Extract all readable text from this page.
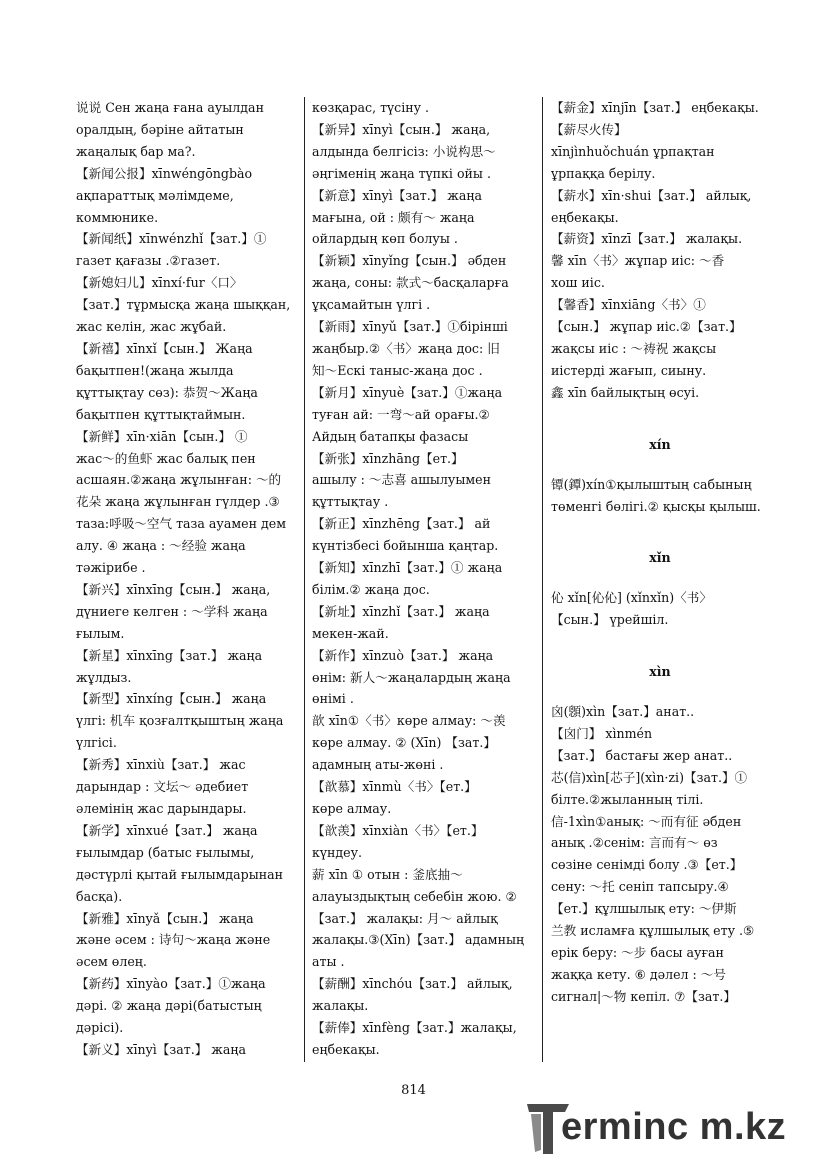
说说 Сен жаңа ғана ауылдан
оралдың, бәріне айтатын
жаңалық бар ма?.
【新闻公报】xīnwéngōngbào
ақпараттық мәлімдеме,
коммюнике.
【新闻纸】xīnwénzhǐ【зат.】①
газет қағазы .②газет.
【新媳妇儿】xīnxí·fur〈口〉
【зат.】тұрмысқа жаңа шыққан,
жас келін, жас жұбай.
【新禧】xīnxǐ【сын.】 Жаңа
бақытпен!(жаңа жылда
құттықтау сөз): 恭贺～Жаңа
бақытпен құттықтаймын.
【新鲜】xīn·xiān【сын.】 ①
жас～的鱼虾 жас балық пен
асшаян.②жаңа жұлынған: ～的
花朵 жаңа жұлынған гүлдер .③
таза:呼吸～空气 таза ауамен дем
алу. ④ жаңа : ～经验 жаңа
тәжірибе .
【新兴】xīnxīng【сын.】 жаңа,
дүниеге келген : ～学科 жаңа
ғылым.
【新星】xīnxīng【зат.】 жаңа
жұлдыз.
【新型】xīnxíng【сын.】 жаңа
үлгі: 机车 қозғалтқыштың жаңа
үлгісі.
【新秀】xīnxiù【зат.】 жас
дарындар : 文坛～ әдебиет
әлемінің жас дарындары.
【新学】xīnxué【зат.】 жаңа
ғылымдар (батыс ғылымы,
дәстүрлі қытай ғылымдарынан
басқа).
【新雅】xīnyǎ【сын.】 жаңа
және әсем : 诗句～жаңа және
әсем өлең.
【新药】xīnyào【зат.】①жаңа
дәрі. ② жаңа дәрі(батыстың
дәрісі).
【新义】xīnyì【зат.】 жаңа
көзқарас, түсіну .
【新异】xīnyì【сын.】 жаңа,
алдында белгісіз: 小说构思～
әңгіменің жаңа түпкі ойы .
【新意】xīnyì【зат.】 жаңа
мағына, ой : 颇有～ жаңа
ойлардың көп болуы .
【新颖】xīnyǐng【сын.】 әбден
жаңа, соны: 款式～басқаларға
ұқсамайтын үлгі .
【新雨】xīnyǔ【зат.】①бірінші
жаңбыр.②〈书〉жаңа дос: 旧
知～Ескі таныс-жаңа дос .
【新月】xīnyuè【зат.】①жаңа
туған ай: 一弯～ай орағы.②
Айдың батапқы фазасы
【新张】xīnzhāng【ет.】
ашылу : ～志喜 ашылуымен
құттықтау .
【新正】xīnzhēng【зат.】 ай
күнтізбесі бойынша қаңтар.
【新知】xīnzhī【зат.】① жаңа
білім.② жаңа дос.
【新址】xīnzhǐ【зат.】 жаңа
мекен-жай.
【新作】xīnzuò【зат.】 жаңа
өнім: 新人～жаңалардың жаңа
өнімі .
歆 xīn①〈书〉көре алмау: ～羡
көре алмау. ② (Xīn) 【зат.】
адамның аты-жөні .
【歆慕】xīnmù〈书〉【ет.】
көре алмау.
【歆羡】xīnxiàn〈书〉【ет.】
күндеу.
薪 xīn ① отын : 釜底抽～
алауыздықтың себебін жою. ②
【зат.】 жалақы: 月～ айлық
жалақы.③(Xīn)【зат.】 адамның
аты .
【薪酬】xīnchóu【зат.】 айлық,
жалақы.
【薪俸】xīnfèng【зат.】жалақы,
еңбекақы.
【薪金】xīnjīn【зат.】 еңбекақы.
【薪尽火传】
xīnjìnhuǒchuán ұрпақтан
ұрпаққа берілу.
【薪水】xīn·shui【зат.】 айлық,
еңбекақы.
【薪资】xīnzī【зат.】 жалақы.
馨 xīn〈书〉жұпар иіс: ～香
хош иіс.
【馨香】xīnxiāng〈书〉①
【сын.】 жұпар иіс.②【зат.】
жақсы иіс : ～祷祝 жақсы
иістерді жағып, сиыну.
鑫 xīn байлықтың өсуі.
xín
镡(鐔)xín①қылыштың сабының
төменгі бөлігі.② қысқы қылыш.
xǐn
伈 xǐn[伈伈] (xǐnxǐn)〈书〉
【сын.】 үрейшіл.
xìn
囟(顖)xìn【зат.】анат..
【囟门】 xìnmén
【зат.】 бастағы жер анат..
芯(信)xìn[芯子](xìn·zi)【зат.】①
білте.②жыланның тілі.
信-1xìn①анық: ～而有征 әбден
анық .②сенім: 言而有～ өз
сөзіне сенімді болу .③【ет.】
сену: ～托 сеніп тапсыру.④
【ет.】құлшылық ету: ～伊斯
兰教 исламға құлшылық ету .⑤
ерік беру: ～步 басы ауған
жаққа кету. ⑥ дәлел : ～号
сигнал|～物 кепіл. ⑦【зат.】
814
erminc m.kz
